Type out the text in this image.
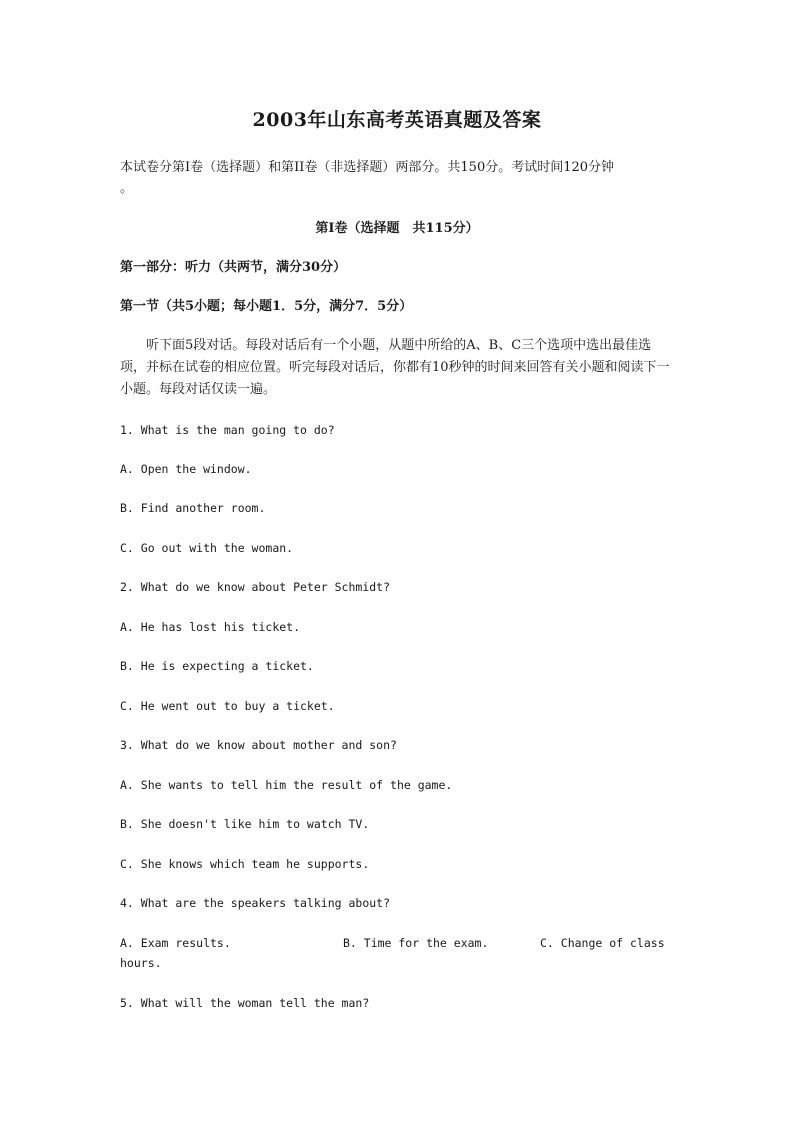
2003年山东高考英语真题及答案
本试卷分第Ⅰ卷（选择题）和第II卷（非选择题）两部分。共150分。考试时间120分钟
。
第Ⅰ卷（选择题　共115分）
第一部分：听力（共两节，满分30分）
第一节（共5小题；每小题1．5分，满分7．5分）
听下面5段对话。每段对话后有一个小题，从题中所给的A、B、C三个选项中选出最佳选项，并标在试卷的相应位置。听完每段对话后，你都有10秒钟的时间来回答有关小题和阅读下一小题。每段对话仅读一遍。
1. What is the man going to do?
A. Open the window.
B. Find another room.
C. Go out with the woman.
2. What do we know about Peter Schmidt?
A. He has lost his ticket.
B. He is expecting a ticket.
C. He went out to buy a ticket.
3. What do we know about mother and son?
A. She wants to tell him the result of the game.
B. She doesn't like him to watch TV.
C. She knows which team he supports.
4. What are the speakers talking about?
A. Exam results.	B. Time for the exam.	C. Change of class
hours.
5. What will the woman tell the man?
